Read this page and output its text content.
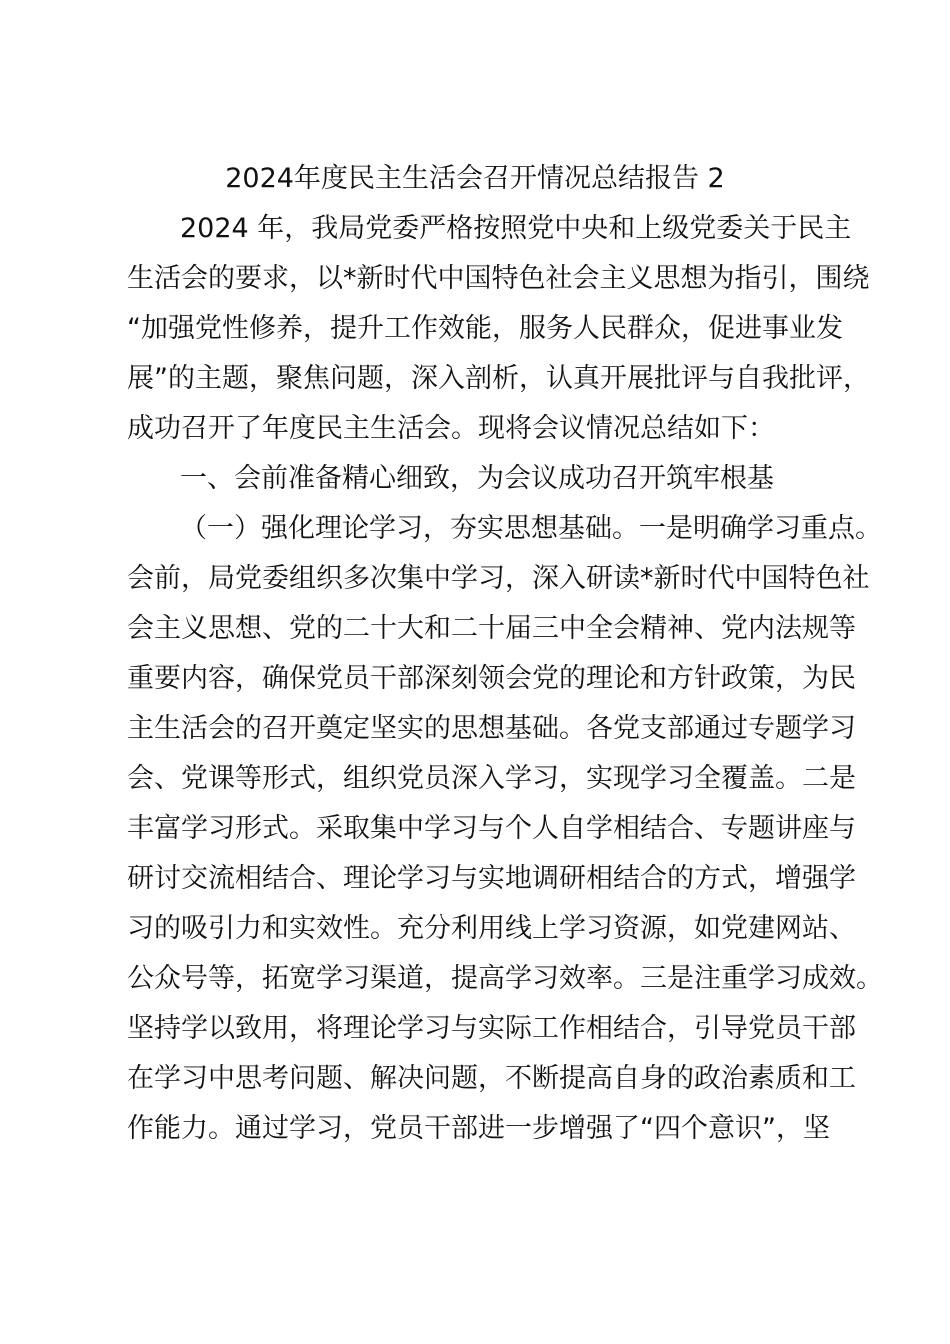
2024年度民主生活会召开情况总结报告 2
2024 年，我局党委严格按照党中央和上级党委关于民主
生活会的要求，以*新时代中国特色社会主义思想为指引，围绕
“加强党性修养，提升工作效能，服务人民群众，促进事业发
展”的主题，聚焦问题，深入剖析，认真开展批评与自我批评，
成功召开了年度民主生活会。现将会议情况总结如下：
一、会前准备精心细致，为会议成功召开筑牢根基
（一）强化理论学习，夯实思想基础。一是明确学习重点。
会前，局党委组织多次集中学习，深入研读*新时代中国特色社
会主义思想、党的二十大和二十届三中全会精神、党内法规等
重要内容，确保党员干部深刻领会党的理论和方针政策，为民
主生活会的召开奠定坚实的思想基础。各党支部通过专题学习
会、党课等形式，组织党员深入学习，实现学习全覆盖。二是
丰富学习形式。采取集中学习与个人自学相结合、专题讲座与
研讨交流相结合、理论学习与实地调研相结合的方式，增强学
习的吸引力和实效性。充分利用线上学习资源，如党建网站、
公众号等，拓宽学习渠道，提高学习效率。三是注重学习成效。
坚持学以致用，将理论学习与实际工作相结合，引导党员干部
在学习中思考问题、解决问题，不断提高自身的政治素质和工
作能力。通过学习，党员干部进一步增强了“四个意识”，坚
